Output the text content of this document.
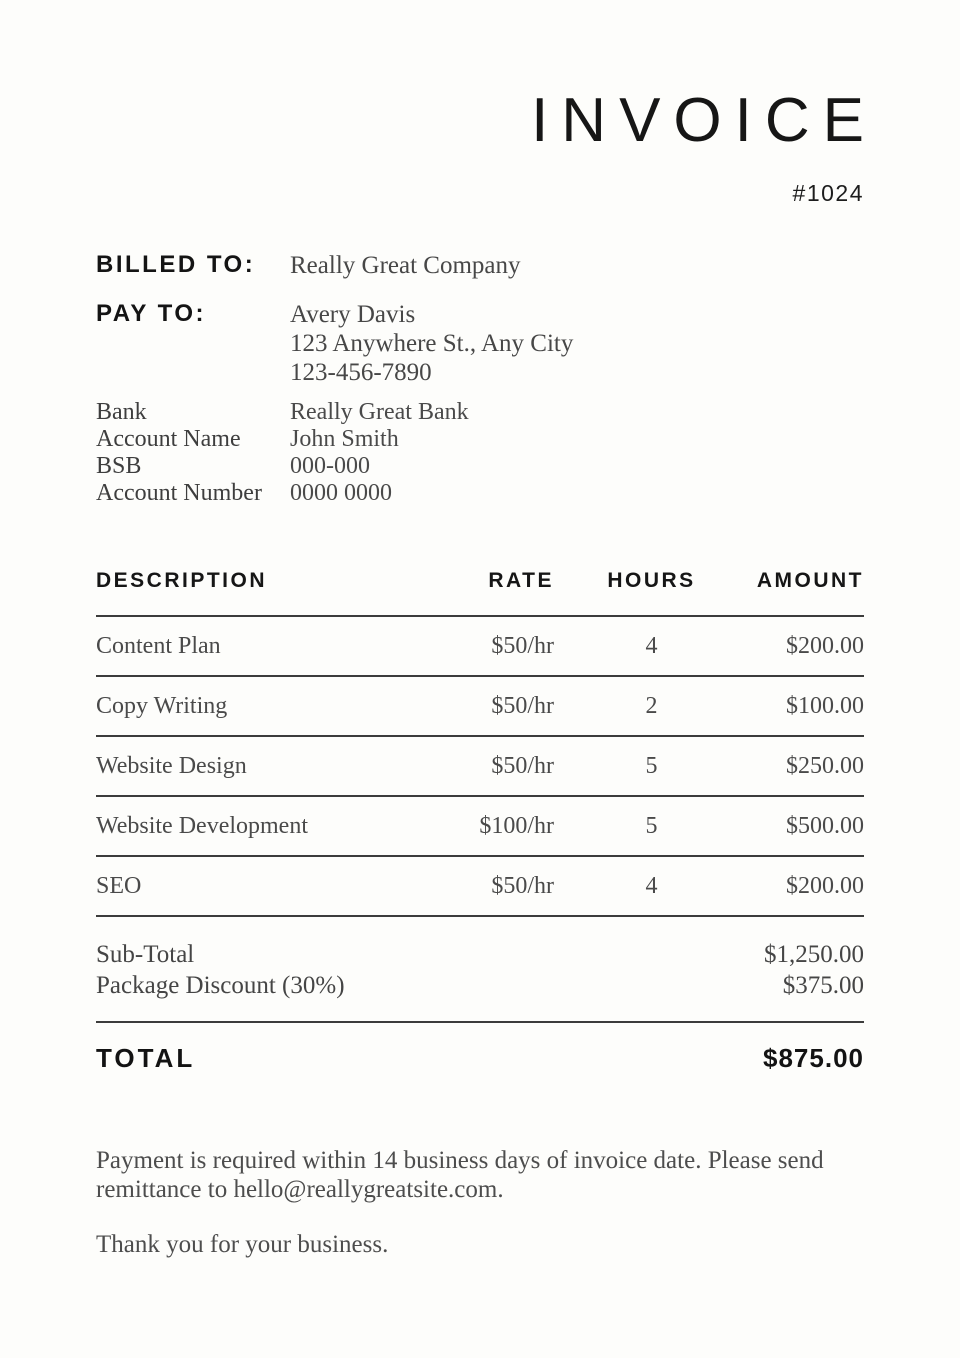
INVOICE
#1024
BILLED TO:	Really Great Company
PAY TO:	Avery Davis
123 Anywhere St., Any City
123-456-7890
Bank	Really Great Bank
Account Name	John Smith
BSB	000-000
Account Number	0000 0000
DESCRIPTION	RATE	HOURS	AMOUNT
Content Plan	$50/hr	4	$200.00
Copy Writing	$50/hr	2	$100.00
Website Design	$50/hr	5	$250.00
Website Development	$100/hr	5	$500.00
SEO	$50/hr	4	$200.00
Sub-Total	$1,250.00
Package Discount (30%)	$375.00
TOTAL	$875.00
Payment is required within 14 business days of invoice date. Please send remittance to hello@reallygreatsite.com.
Thank you for your business.
